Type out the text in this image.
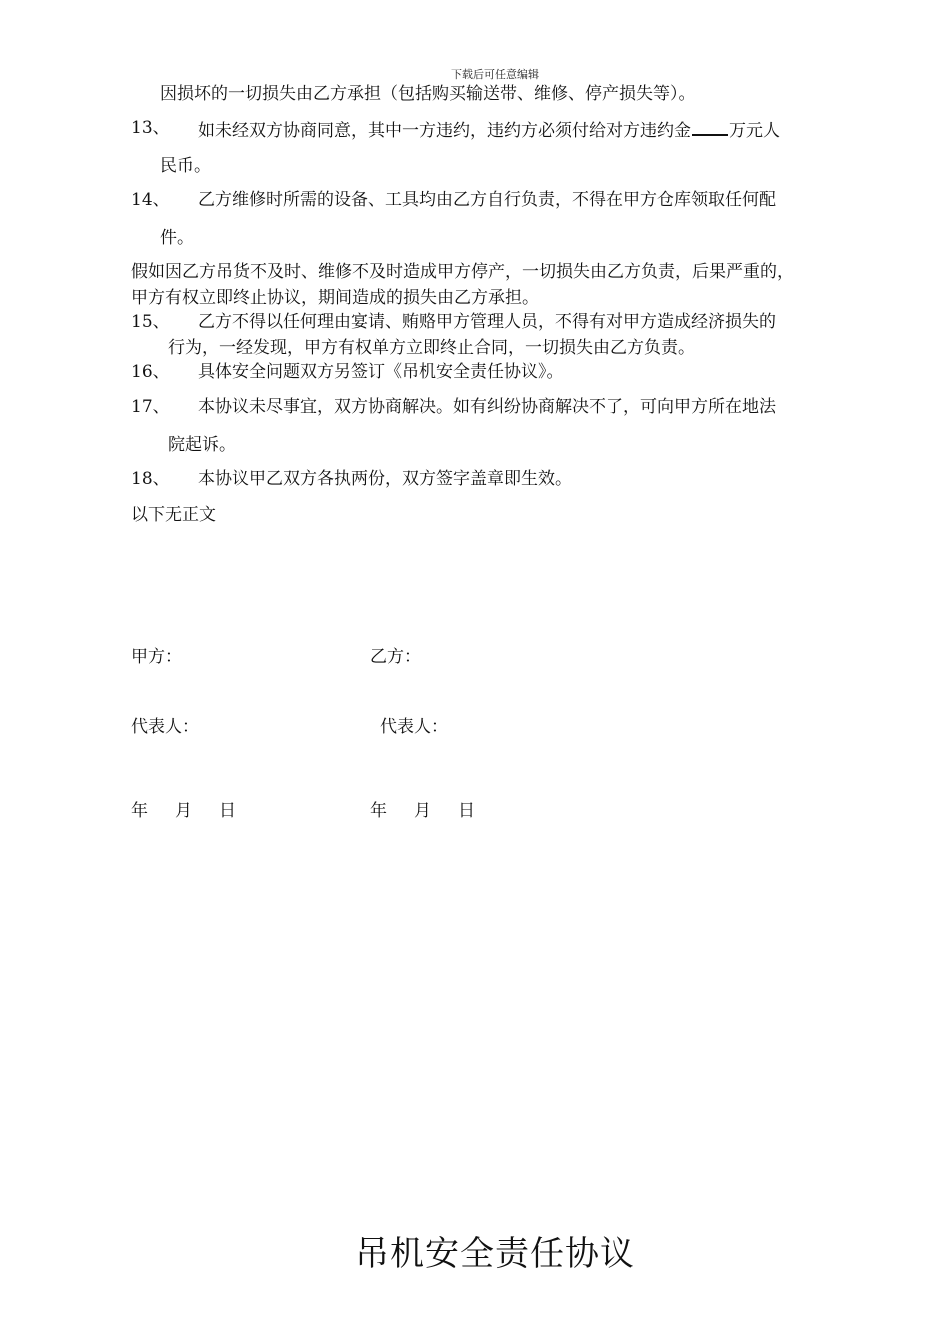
下载后可任意编辑
因损坏的一切损失由乙方承担（包括购买输送带、维修、停产损失等）。
13、 如未经双方协商同意，其中一方违约，违约方必须付给对方违约金 万元人
民币。
14、 乙方维修时所需的设备、工具均由乙方自行负责，不得在甲方仓库领取任何配
件。
假如因乙方吊货不及时、维修不及时造成甲方停产，一切损失由乙方负责，后果严重的，
甲方有权立即终止协议，期间造成的损失由乙方承担。
15、 乙方不得以任何理由宴请、贿赂甲方管理人员，不得有对甲方造成经济损失的
行为，一经发现，甲方有权单方立即终止合同，一切损失由乙方负责。
16、 具体安全问题双方另签订《吊机安全责任协议》。
17、 本协议未尽事宜，双方协商解决。如有纠纷协商解决不了，可向甲方所在地法
院起诉。
18、 本协议甲乙双方各执两份，双方签字盖章即生效。
以下无正文
甲方：	乙方：
代表人：	代表人：
年     月     日	年     月     日
吊机安全责任协议
